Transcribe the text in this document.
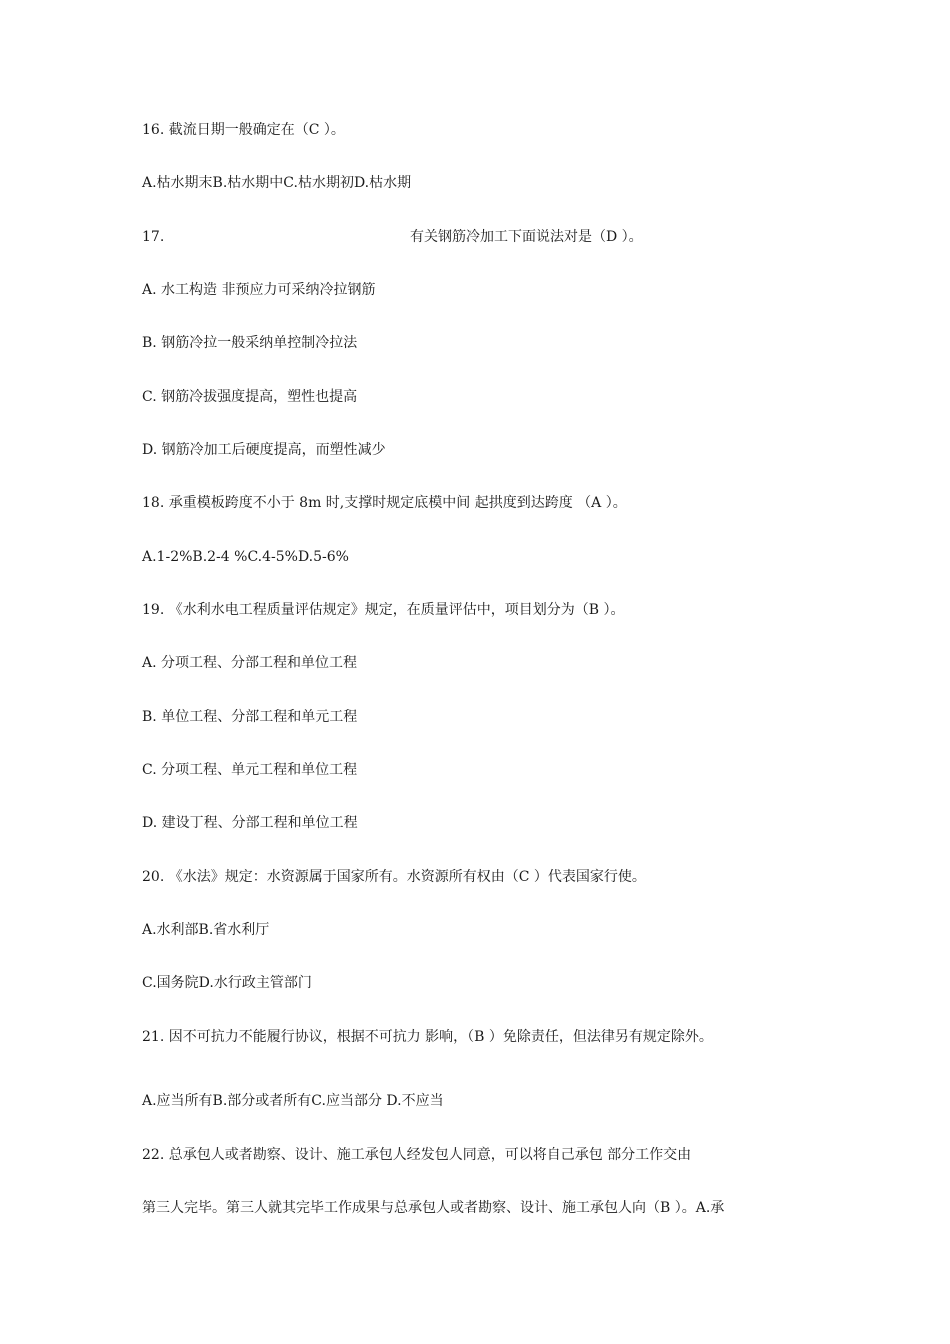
16. 截流日期一般确定在（C ）。
A.枯水期末B.枯水期中C.枯水期初D.枯水期
17.	有关钢筋冷加工下面说法对是（D ）。
A. 水工构造 非预应力可采纳冷拉钢筋
B. 钢筋冷拉一般采纳单控制冷拉法
C. 钢筋冷拔强度提高，塑性也提高
D. 钢筋冷加工后硬度提高，而塑性减少
18. 承重模板跨度不小于 8m 时,支撑时规定底模中间 起拱度到达跨度 （A ）。
A.1-2%B.2-4 %C.4-5%D.5-6%
19. 《水利水电工程质量评估规定》规定，在质量评估中，项目划分为（B ）。
A. 分项工程、分部工程和单位工程
B. 单位工程、分部工程和单元工程
C. 分项工程、单元工程和单位工程
D. 建设丁程、分部工程和单位工程
20. 《水法》规定：水资源属于国家所有。水资源所有权由（C ）代表国家行使。
A.水利部B.省水利厅
C.国务院D.水行政主管部门
21. 因不可抗力不能履行协议，根据不可抗力 影响，（B ）免除责任，但法律另有规定除外。
A.应当所有B.部分或者所有C.应当部分 D.不应当
22. 总承包人或者勘察、设计、施工承包人经发包人同意，可以将自己承包 部分工作交由
第三人完毕。第三人就其完毕工作成果与总承包人或者勘察、设计、施工承包人向（B ）。A.承
